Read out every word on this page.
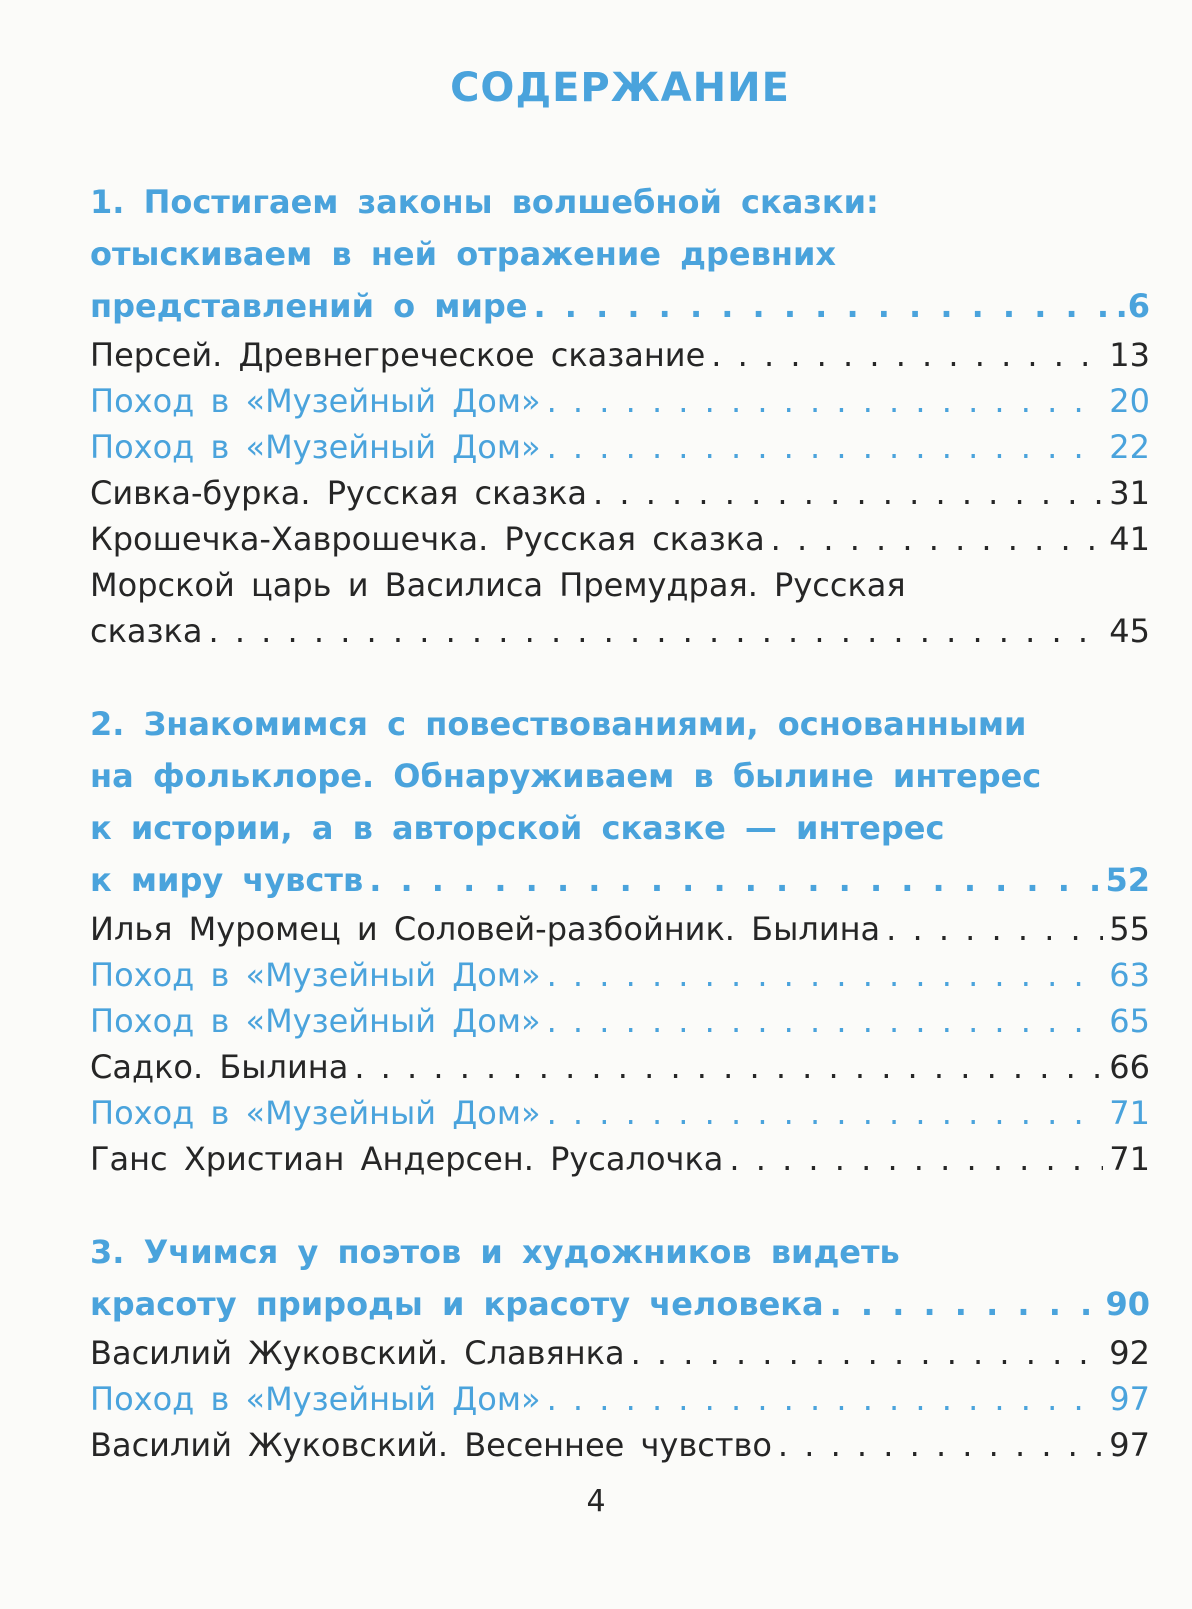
СОДЕРЖАНИЕ
1. Постигаем законы волшебной сказки:
отыскиваем в ней отражение древних
представлений о мире . . .	.6
Персей. Древнегреческое сказание . . .	13
Поход в «Музейный Дом» . . .	20
Поход в «Музейный Дом» . . .	22
Сивка-бурка. Русская сказка . . .	31
Крошечка-Хаврошечка. Русская сказка . . .	41
Морской царь и Василиса Премудрая. Русская
сказка . . .	45
2. Знакомимся с повествованиями, основанными
на фольклоре. Обнаруживаем в былине интерес
к истории, а в авторской сказке — интерес
к миру чувств . . .	52
Илья Муромец и Соловей-разбойник. Былина . . .	55
Поход в «Музейный Дом» . . .	63
Поход в «Музейный Дом» . . .	65
Садко. Былина . . .	66
Поход в «Музейный Дом» . . .	71
Ганс Христиан Андерсен. Русалочка . . .	71
3. Учимся у поэтов и художников видеть
красоту природы и красоту человека . . .	90
Василий Жуковский. Славянка . . .	92
Поход в «Музейный Дом» . . .	97
Василий Жуковский. Весеннее чувство . . .	97
4
